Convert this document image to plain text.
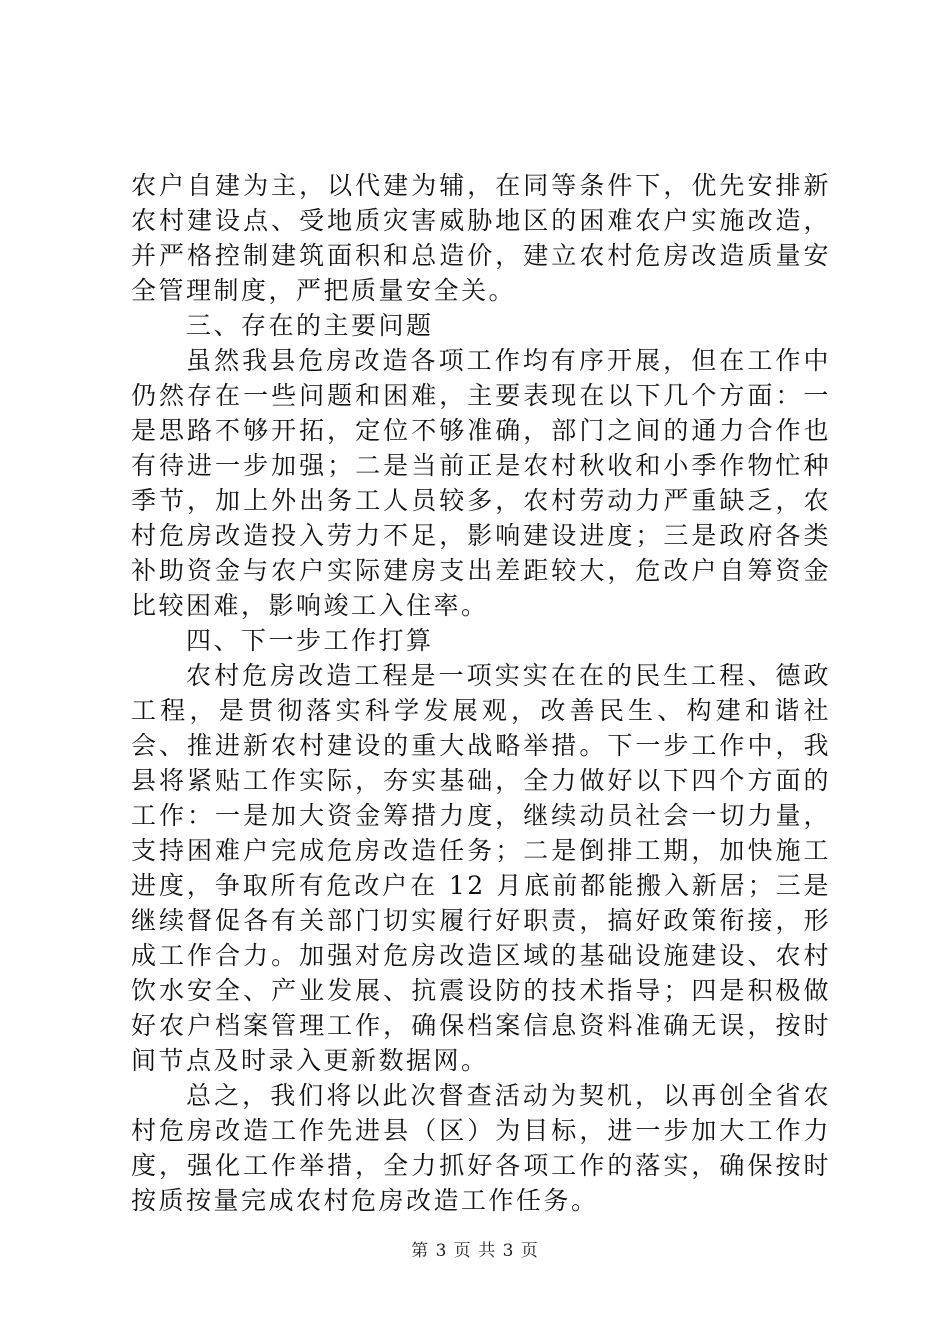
农户自建为主，以代建为辅，在同等条件下，优先安排新农村建设点、受地质灾害威胁地区的困难农户实施改造，并严格控制建筑面积和总造价，建立农村危房改造质量安全管理制度，严把质量安全关。

三、存在的主要问题

虽然我县危房改造各项工作均有序开展，但在工作中仍然存在一些问题和困难，主要表现在以下几个方面：一是思路不够开拓，定位不够准确，部门之间的通力合作也有待进一步加强；二是当前正是农村秋收和小季作物忙种季节，加上外出务工人员较多，农村劳动力严重缺乏，农村危房改造投入劳力不足，影响建设进度；三是政府各类补助资金与农户实际建房支出差距较大，危改户自筹资金比较困难，影响竣工入住率。

四、下一步工作打算

农村危房改造工程是一项实实在在的民生工程、德政工程，是贯彻落实科学发展观，改善民生、构建和谐社会、推进新农村建设的重大战略举措。下一步工作中，我县将紧贴工作实际，夯实基础，全力做好以下四个方面的工作：一是加大资金筹措力度，继续动员社会一切力量，支持困难户完成危房改造任务；二是倒排工期，加快施工进度，争取所有危改户在 12 月底前都能搬入新居；三是继续督促各有关部门切实履行好职责，搞好政策衔接，形成工作合力。加强对危房改造区域的基础设施建设、农村饮水安全、产业发展、抗震设防的技术指导；四是积极做好农户档案管理工作，确保档案信息资料准确无误，按时间节点及时录入更新数据网。

总之，我们将以此次督查活动为契机，以再创全省农村危房改造工作先进县（区）为目标，进一步加大工作力度，强化工作举措，全力抓好各项工作的落实，确保按时按质按量完成农村危房改造工作任务。

第 3 页 共 3 页
